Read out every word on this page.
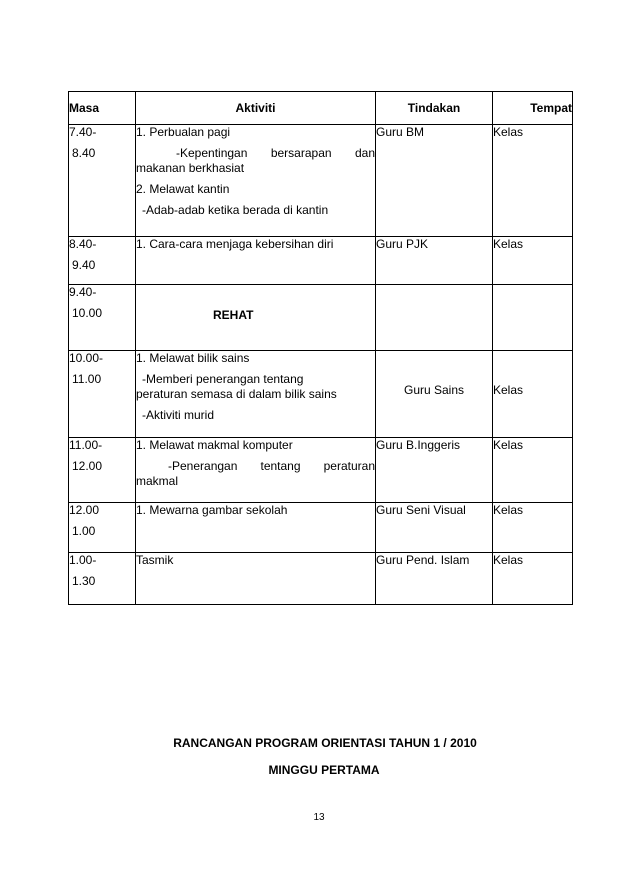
Masa	Aktiviti	Tindakan	Tempat

7.40-
8.40	1. Perbualan pagi
-Kepentingan bersarapan dan
makanan berkhasiat
2. Melawat kantin
-Adab-adab ketika berada di kantin	Guru BM	Kelas

8.40-
9.40	1. Cara-cara menjaga kebersihan diri	Guru PJK	Kelas

9.40-
10.00	REHAT		

10.00-
11.00	1. Melawat bilik sains
-Memberi penerangan tentang
peraturan semasa di dalam bilik sains
-Aktiviti murid	Guru Sains	Kelas

11.00-
12.00	1. Melawat makmal komputer
-Penerangan tentang peraturan
makmal	Guru B.Inggeris	Kelas

12.00
1.00	1. Mewarna gambar sekolah	Guru Seni Visual	Kelas

1.00-
1.30	Tasmik	Guru Pend. Islam	Kelas
RANCANGAN PROGRAM ORIENTASI TAHUN 1 / 2010
MINGGU PERTAMA
13
